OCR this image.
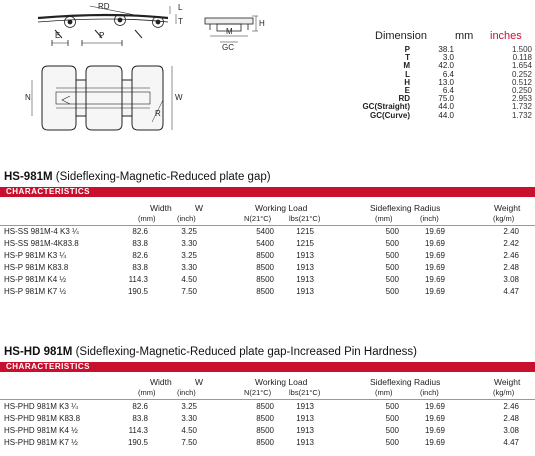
RD	L
T
E	P
H
M
GC
N	W
R
Dimension	mm inches
P	38.1	1.500
T	3.0	0.118
M	42.0	1.654
L	6.4	0.252
H	13.0	0.512
E	6.4	0.250
RD	75.0	2.953
GC(Straight)	44.0	1.732
GC(Curve)	44.0	1.732
HS-981M (Sideflexing-Magnetic-Reduced plate gap)
CHARACTERISTICS
Width	W
(mm)	(inch)
Working Load
N(21°C) lbs(21°C)
Sideflexing Radius
(mm)	(inch)
Weight
(kg/m)
HS-SS 981M-4 K3 ¼	82.6	3.25	5400	1215	500	19.69	2.40
HS-SS 981M-4K83.8	83.8	3.30	5400	1215	500	19.69	2.42
HS-P 981M K3 ¼	82.6	3.25	8500	1913	500	19.69	2.46
HS-P 981M K83.8	83.8	3.30	8500	1913	500	19.69	2.48
HS-P 981M K4 ½	114.3	4.50	8500	1913	500	19.69	3.08
HS-P 981M K7 ½	190.5	7.50	8500	1913	500	19.69	4.47
HS-HD 981M (Sideflexing-Magnetic-Reduced plate gap-Increased Pin Hardness)
CHARACTERISTICS
Width	W
(mm)	(inch)
Working Load
N(21°C) lbs(21°C)
Sideflexing Radius
(mm)	(inch)
Weight
(kg/m)
HS-PHD 981M K3 ¼	82.6	3.25	8500	1913	500	19.69	2.46
HS-PHD 981M K83.8	83.8	3.30	8500	1913	500	19.69	2.48
HS-PHD 981M K4 ½	114.3	4.50	8500	1913	500	19.69	3.08
HS-PHD 981M K7 ½	190.5	7.50	8500	1913	500	19.69	4.47
